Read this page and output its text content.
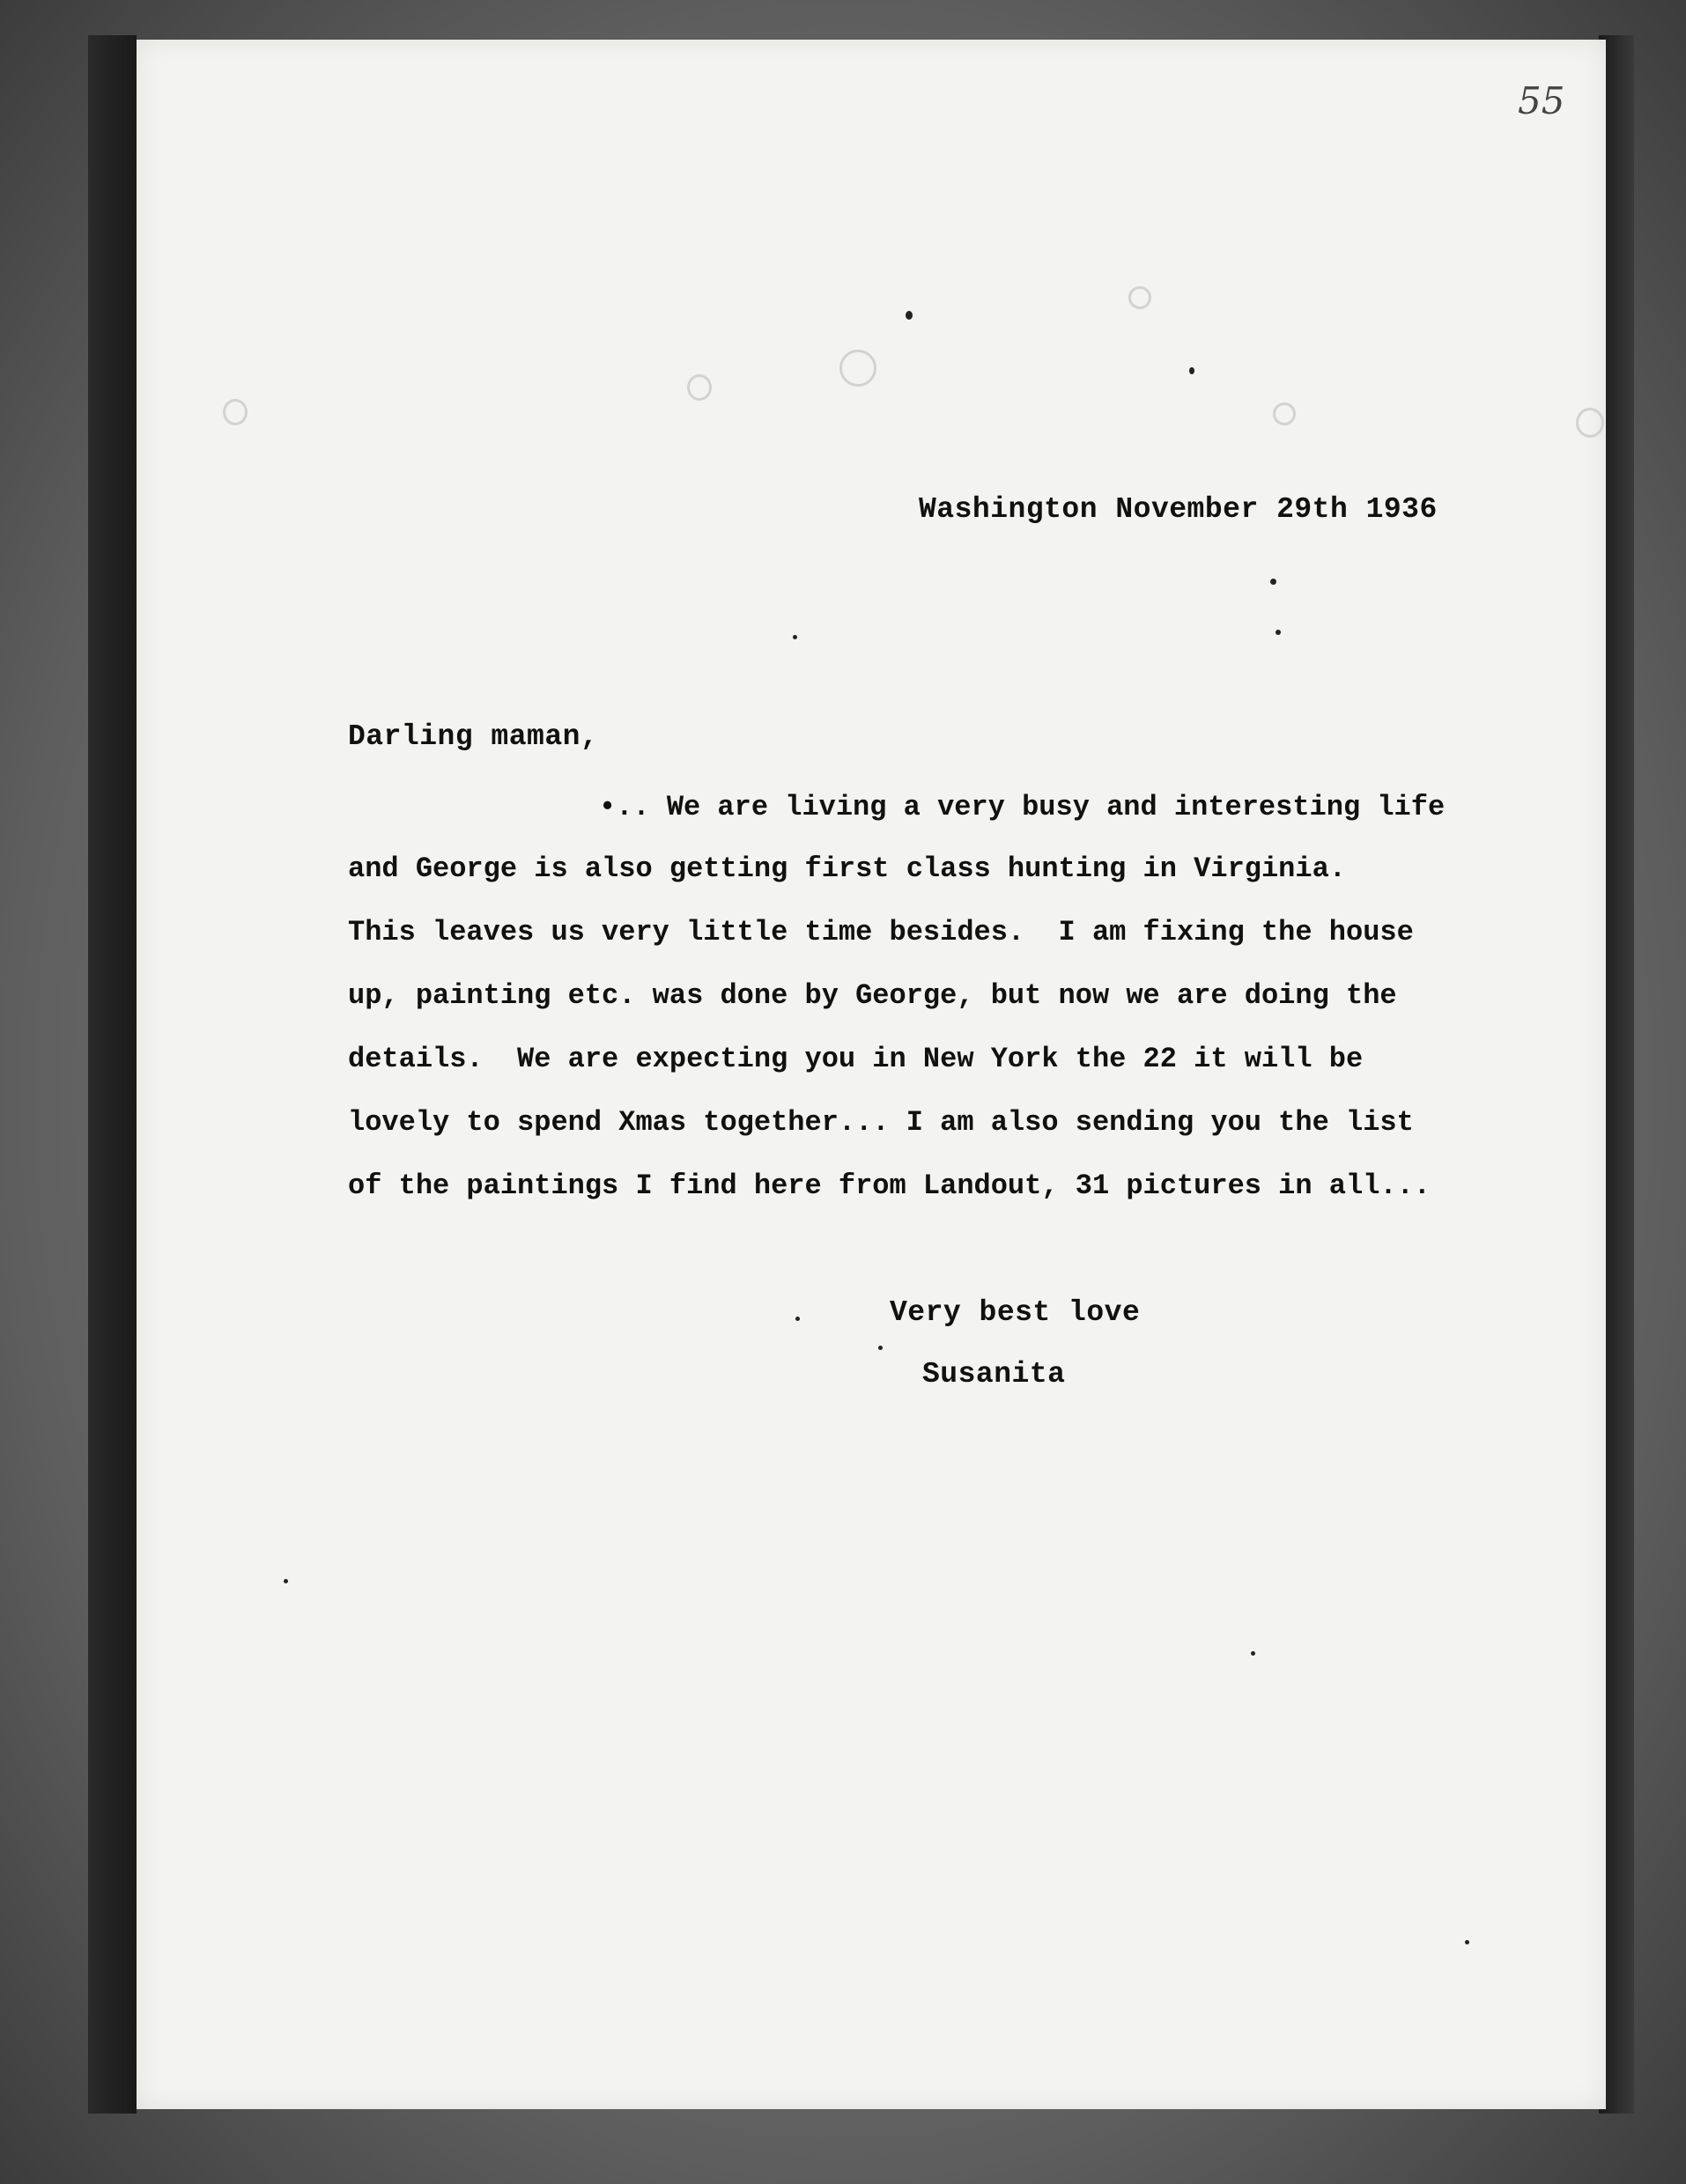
55
Washington November 29th 1936
Darling maman,
•.. We are living a very busy and interesting life
and George is also getting first class hunting in Virginia.
This leaves us very little time besides.  I am fixing the house
up, painting etc. was done by George, but now we are doing the
details.  We are expecting you in New York the 22 it will be
lovely to spend Xmas together... I am also sending you the list
of the paintings I find here from Landout, 31 pictures in all...
Very best love
Susanita
